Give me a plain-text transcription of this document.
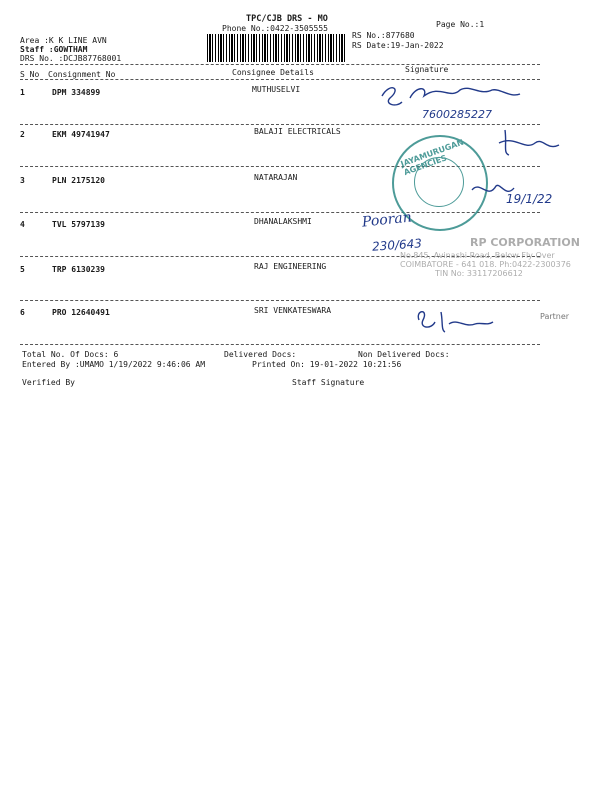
TPC/CJB DRS - MO
Phone No.:0422-3505555	Page No.:1
RS No.:877680
RS Date:19-Jan-2022
Area :K K LINE AVN
Staff :GOWTHAM
DRS No. :DCJB87768001
S No Consignment No	Consignee Details	Signature
1	DPM 334899	MUTHUSELVI
2	EKM 49741947	BALAJI ELECTRICALS
3	PLN 2175120	NATARAJAN
4	TVL 5797139	DHANALAKSHMI
5	TRP 6130239	RAJ ENGINEERING
6	PRO 12640491	SRI VENKATESWARA
7600285227
JAYAMURUGAN AGENCIES
19/1/22
Pooran
230/643	RP CORPORATION
No.845, Avinashi Road, Below Fly Over
COIMBATORE - 641 018. Ph:0422-2300376
TIN No: 33117206612
Partner
Total No. Of Docs: 6	Delivered Docs:	Non Delivered Docs:
Entered By :UMAMO 1/19/2022 9:46:06 AM	Printed On: 19-01-2022 10:21:56
Verified By	Staff Signature
